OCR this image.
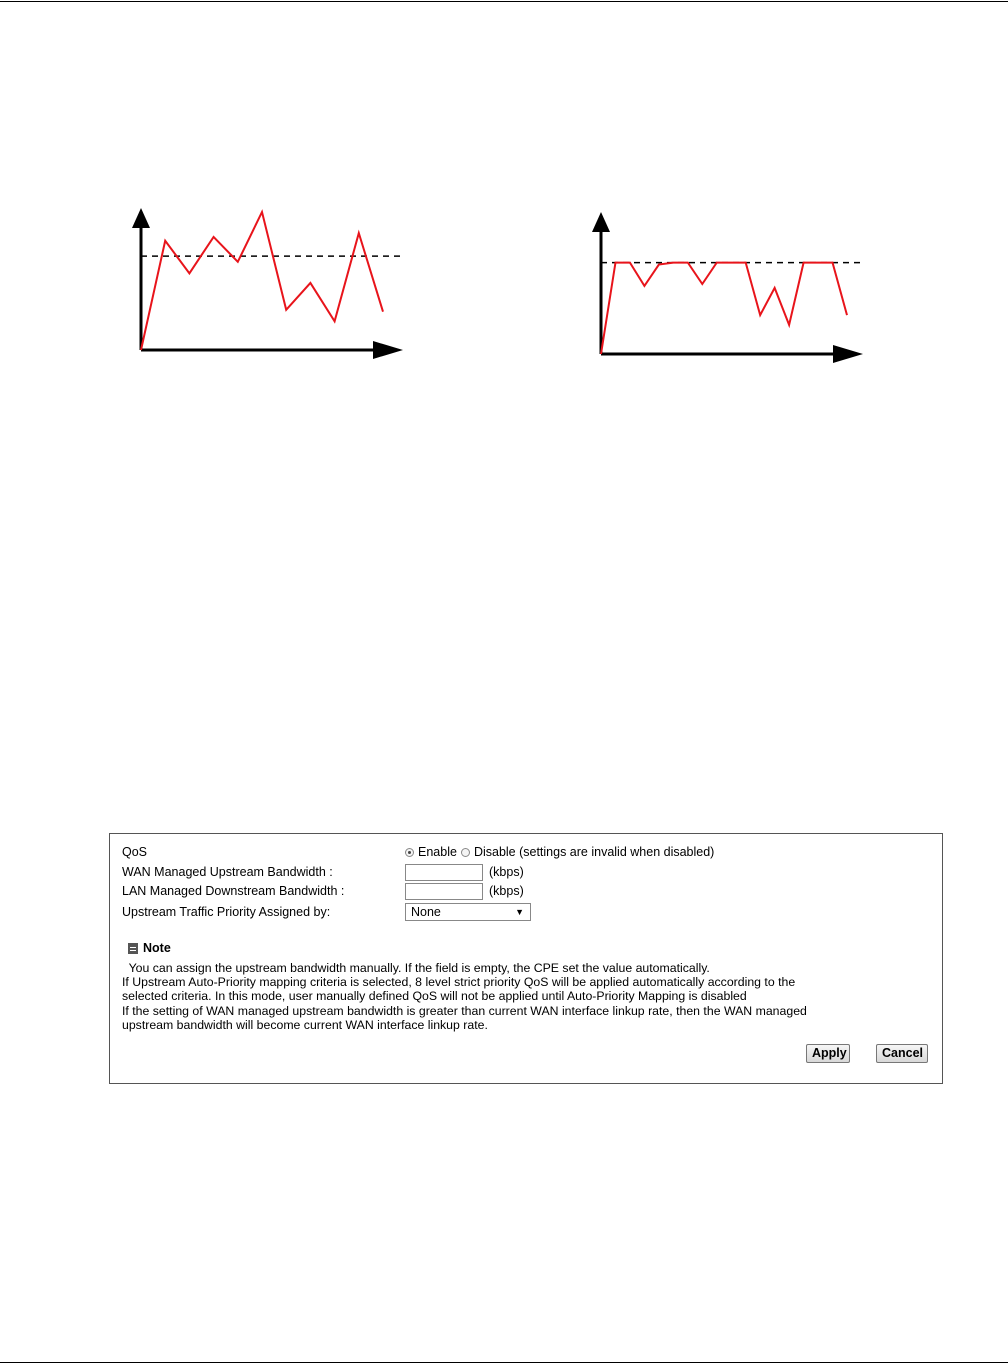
QoS	Enable Disable (settings are invalid when disabled)
WAN Managed Upstream Bandwidth :	(kbps)
LAN Managed Downstream Bandwidth :	(kbps)
Upstream Traffic Priority Assigned by:	None	▼
Note
You can assign the upstream bandwidth manually. If the field is empty, the CPE set the value automatically.
If Upstream Auto-Priority mapping criteria is selected, 8 level strict priority QoS will be applied automatically according to the
selected criteria. In this mode, user manually defined QoS will not be applied until Auto-Priority Mapping is disabled
If the setting of WAN managed upstream bandwidth is greater than current WAN interface linkup rate, then the WAN managed
upstream bandwidth will become current WAN interface linkup rate.
Apply	Cancel
